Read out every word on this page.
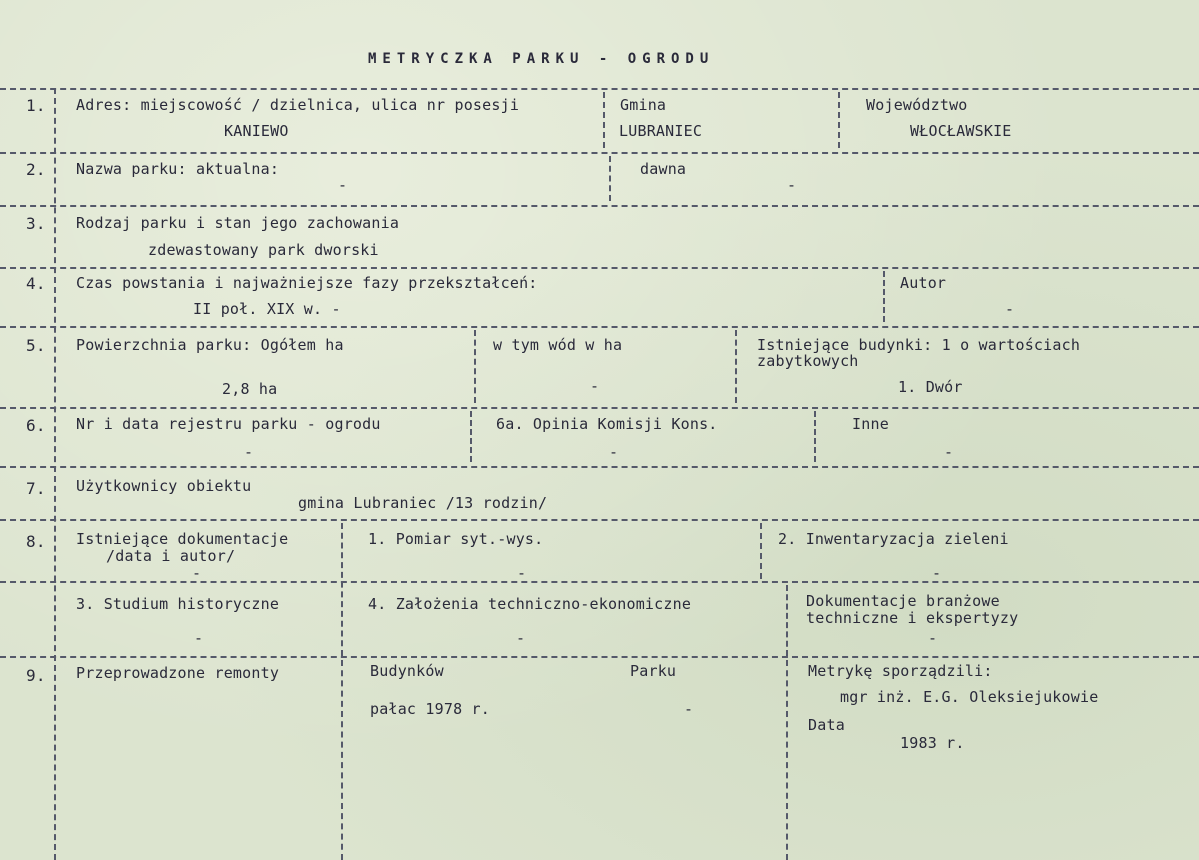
METRYCZKA PARKU - OGRODU
1. Adres: miejscowość / dzielnica, ulica nr posesji
KANIEWO
Gmina
LUBRANIEC
Województwo
WŁOCŁAWSKIE
2. Nazwa parku: aktualna:
-
dawna
-
3. Rodzaj parku i stan jego zachowania
zdewastowany park dworski
4. Czas powstania i najważniejsze fazy przekształceń:
II poł. XIX w. -
Autor
-
5. Powierzchnia parku: Ogółem ha
2,8 ha
w tym wód w ha
-
Istniejące budynki: 1 o wartościach
zabytkowych
1. Dwór
6. Nr i data rejestru parku - ogrodu
-
6a. Opinia Komisji Kons.
-
Inne
-
7. Użytkownicy obiektu
gmina Lubraniec /13 rodzin/
8. Istniejące dokumentacje
/data i autor/
-
1. Pomiar syt.-wys.
-
2. Inwentaryzacja zieleni
-
3. Studium historyczne
-
4. Założenia techniczno-ekonomiczne
-
Dokumentacje branżowe
techniczne i ekspertyzy
-
9. Przeprowadzone remonty	Budynków
pałac 1978 r.
Parku
-
Metrykę sporządzili:
mgr inż. E.G. Oleksiejukowie
Data
1983 r.
